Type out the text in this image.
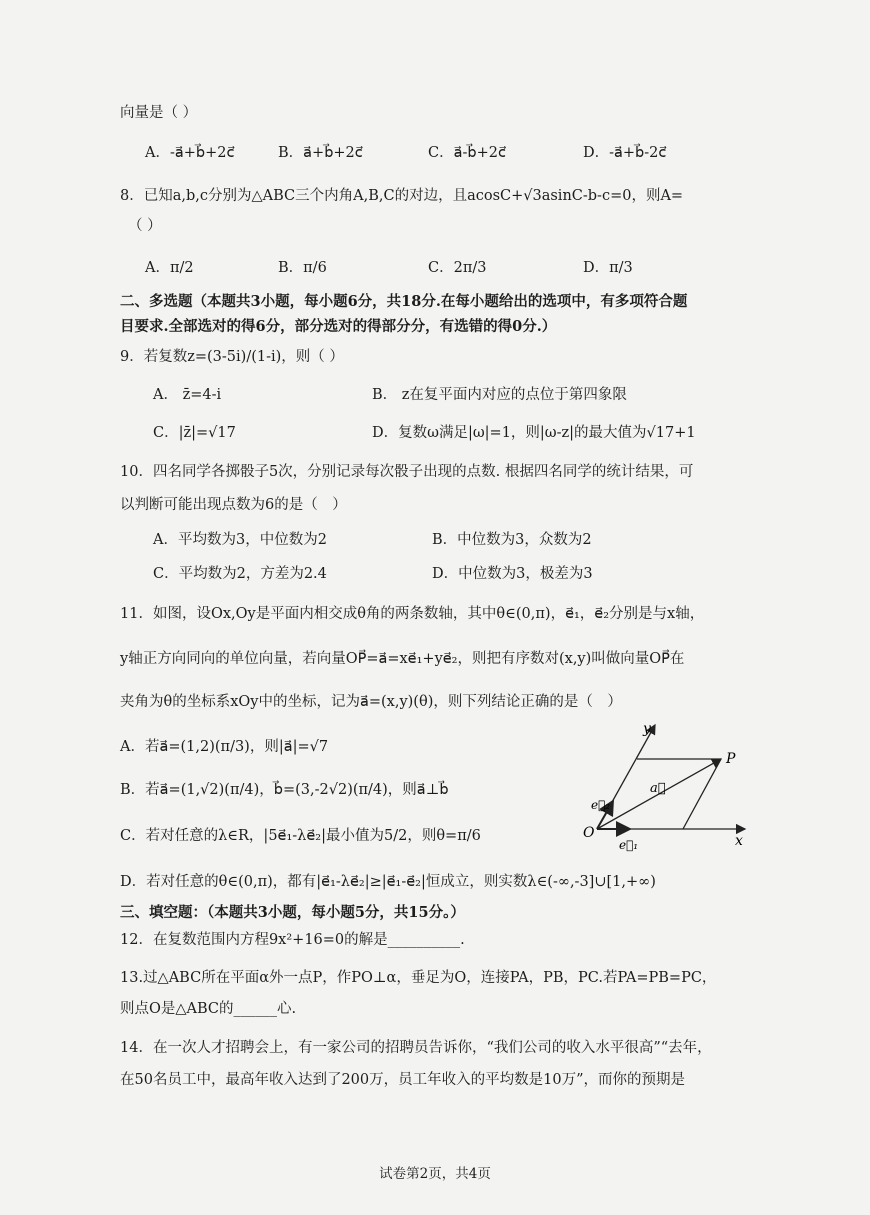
向量是（ ）
A．-a⃗+b⃗+2c⃗	B．a⃗+b⃗+2c⃗	C．a⃗-b⃗+2c⃗	D．-a⃗+b⃗-2c⃗
8．已知a,b,c分别为△ABC三个内角A,B,C的对边，且acosC+√3asinC-b-c=0，则A=
（ ）
A．π/2	B．π/6	C．2π/3	D．π/3
二、多选题（本题共3小题，每小题6分，共18分.在每小题给出的选项中，有多项符合题
目要求.全部选对的得6分，部分选对的得部分分，有选错的得0分.）
9．若复数z=(3-5i)/(1-i)，则（ ）
A． z̄=4-i	B． z在复平面内对应的点位于第四象限
C．|z̄|=√17	D．复数ω满足|ω|=1，则|ω-z|的最大值为√17+1
10．四名同学各掷骰子5次，分别记录每次骰子出现的点数. 根据四名同学的统计结果，可
以判断可能出现点数为6的是（　）
A．平均数为3，中位数为2	B．中位数为3，众数为2
C．平均数为2，方差为2.4	D．中位数为3，极差为3
11．如图，设Ox,Oy是平面内相交成θ角的两条数轴，其中θ∈(0,π)，e⃗₁，e⃗₂分别是与x轴，
y轴正方向同向的单位向量，若向量OP⃗=a⃗=xe⃗₁+ye⃗₂，则把有序数对(x,y)叫做向量OP⃗在
夹角为θ的坐标系xOy中的坐标，记为a⃗=(x,y)(θ)，则下列结论正确的是（　）
A．若a⃗=(1,2)(π/3)，则|a⃗|=√7
B．若a⃗=(1,√2)(π/4)，b⃗=(3,-2√2)(π/4)，则a⃗⊥b⃗
C．若对任意的λ∈R，|5e⃗₁-λe⃗₂|最小值为5/2，则θ=π/6
D．若对任意的θ∈(0,π)，都有|e⃗₁-λe⃗₂|≥|e⃗₁-e⃗₂|恒成立，则实数λ∈(-∞,-3]∪[1,+∞)
y
x
O
P
a⃗
e⃗₁
e⃗₂
三、填空题：（本题共3小题，每小题5分，共15分。）
12．在复数范围内方程9x²+16=0的解是__________.
13.过△ABC所在平面α外一点P，作PO⊥α，垂足为O，连接PA，PB，PC.若PA=PB=PC，
则点O是△ABC的______心.
14．在一次人才招聘会上，有一家公司的招聘员告诉你，“我们公司的收入水平很高”“去年，
在50名员工中，最高年收入达到了200万，员工年收入的平均数是10万”，而你的预期是
试卷第2页，共4页
